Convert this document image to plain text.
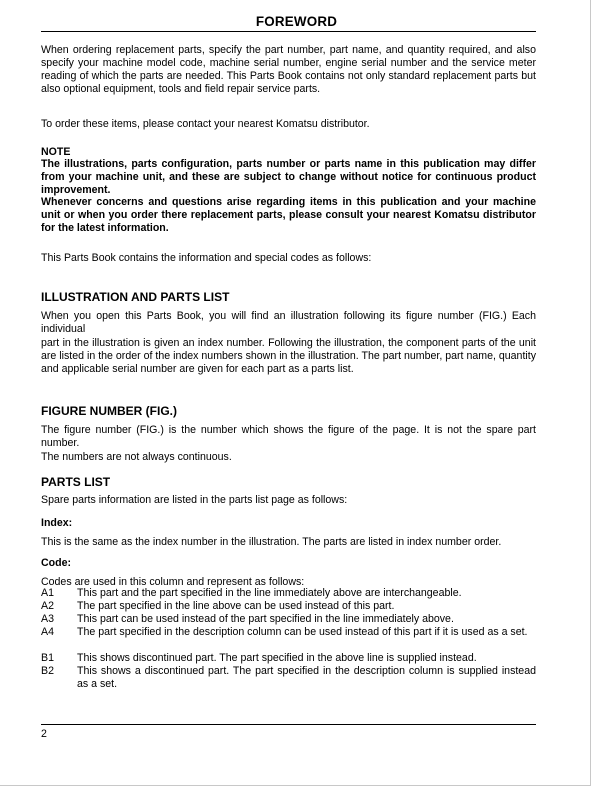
FOREWORD

When ordering replacement parts, specify the part number, part name, and quantity required, and also specify your machine model code, machine serial number, engine serial number and the service meter reading of which the parts are needed. This Parts Book contains not only standard replacement parts but also optional equipment, tools and field repair service parts.

To order these items, please contact your nearest Komatsu distributor.

NOTE

The illustrations, parts configuration, parts number or parts name in this publication may differ from your machine unit, and these are subject to change without notice for continuous product improvement.

Whenever concerns and questions arise regarding items in this publication and your machine unit or when you order there replacement parts, please consult your nearest Komatsu distributor for the latest information.

This Parts Book contains the information and special codes as follows:

ILLUSTRATION AND PARTS LIST

When you open this Parts Book, you will find an illustration following its figure number (FIG.) Each individual

part in the illustration is given an index number. Following the illustration, the component parts of the unit are listed in the order of the index numbers shown in the illustration. The part number, part name, quantity and applicable serial number are given for each part as a parts list.

FIGURE NUMBER (FIG.)

The figure number (FIG.) is the number which shows the figure of the page. It is not the spare part number.

The numbers are not always continuous.

PARTS LIST

Spare parts information are listed in the parts list page as follows:

Index:

This is the same as the index number in the illustration. The parts are listed in index number order.

Code:

Codes are used in this column and represent as follows:

A1	This part and the part specified in the line immediately above are interchangeable.
A2	The part specified in the line above can be used instead of this part.
A3	This part can be used instead of the part specified in the line immediately above.
A4	The part specified in the description column can be used instead of this part if it is used as a set.
B1	This shows discontinued part. The part specified in the above line is supplied instead.
B2	This shows a discontinued part. The part specified in the description column is supplied instead as a set.
2
